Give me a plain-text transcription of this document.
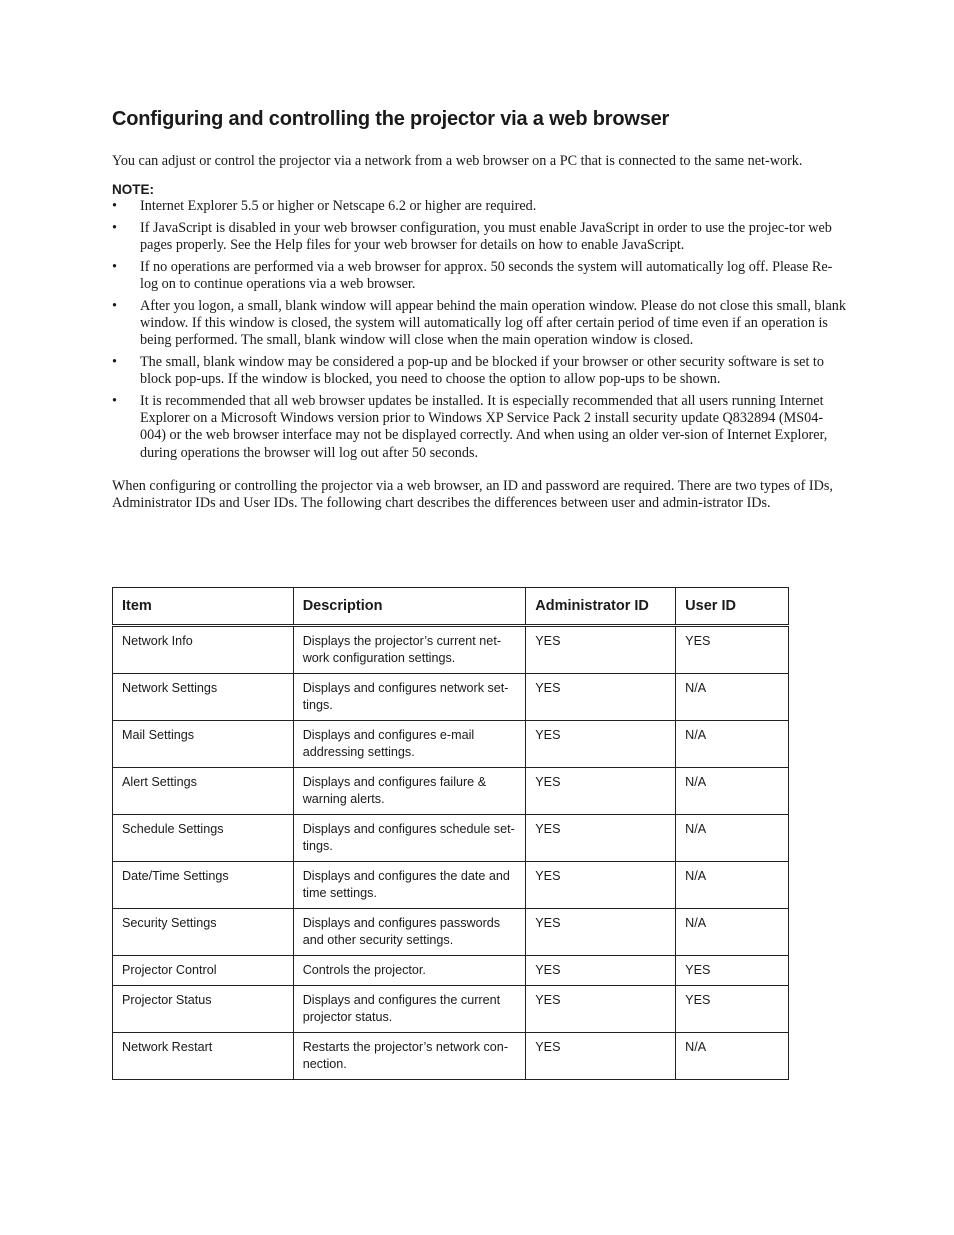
Configuring and controlling the projector via a web browser

You can adjust or control the projector via a network from a web browser on a PC that is connected to the same net-work.

NOTE:
• Internet Explorer 5.5 or higher or Netscape 6.2 or higher are required.
• If JavaScript is disabled in your web browser configuration, you must enable JavaScript in order to use the projec-tor web pages properly. See the Help files for your web browser for details on how to enable JavaScript.
• If no operations are performed via a web browser for approx. 50 seconds the system will automatically log off. Please Re-log on to continue operations via a web browser.
• After you logon, a small, blank window will appear behind the main operation window. Please do not close this small, blank window. If this window is closed, the system will automatically log off after certain period of time even if an operation is being performed. The small, blank window will close when the main operation window is closed.
• The small, blank window may be considered a pop-up and be blocked if your browser or other security software is set to block pop-ups. If the window is blocked, you need to choose the option to allow pop-ups to be shown.
• It is recommended that all web browser updates be installed. It is especially recommended that all users running Internet Explorer on a Microsoft Windows version prior to Windows XP Service Pack 2 install security update Q832894 (MS04-004) or the web browser interface may not be displayed correctly. And when using an older ver-sion of Internet Explorer, during operations the browser will log out after 50 seconds.

When configuring or controlling the projector via a web browser, an ID and password are required. There are two types of IDs, Administrator IDs and User IDs. The following chart describes the differences between user and admin-istrator IDs.

Item	Description	Administrator ID	User ID
Network Info	Displays the projector’s current net-work configuration settings.	YES	YES
Network Settings	Displays and configures network set-tings.	YES	N/A
Mail Settings	Displays and configures e-mail addressing settings.	YES	N/A
Alert Settings	Displays and configures failure & warning alerts.	YES	N/A
Schedule Settings	Displays and configures schedule set-tings.	YES	N/A
Date/Time Settings	Displays and configures the date and time settings.	YES	N/A
Security Settings	Displays and configures passwords and other security settings.	YES	N/A
Projector Control	Controls the projector.	YES	YES
Projector Status	Displays and configures the current projector status.	YES	YES
Network Restart	Restarts the projector’s network con-nection.	YES	N/A
